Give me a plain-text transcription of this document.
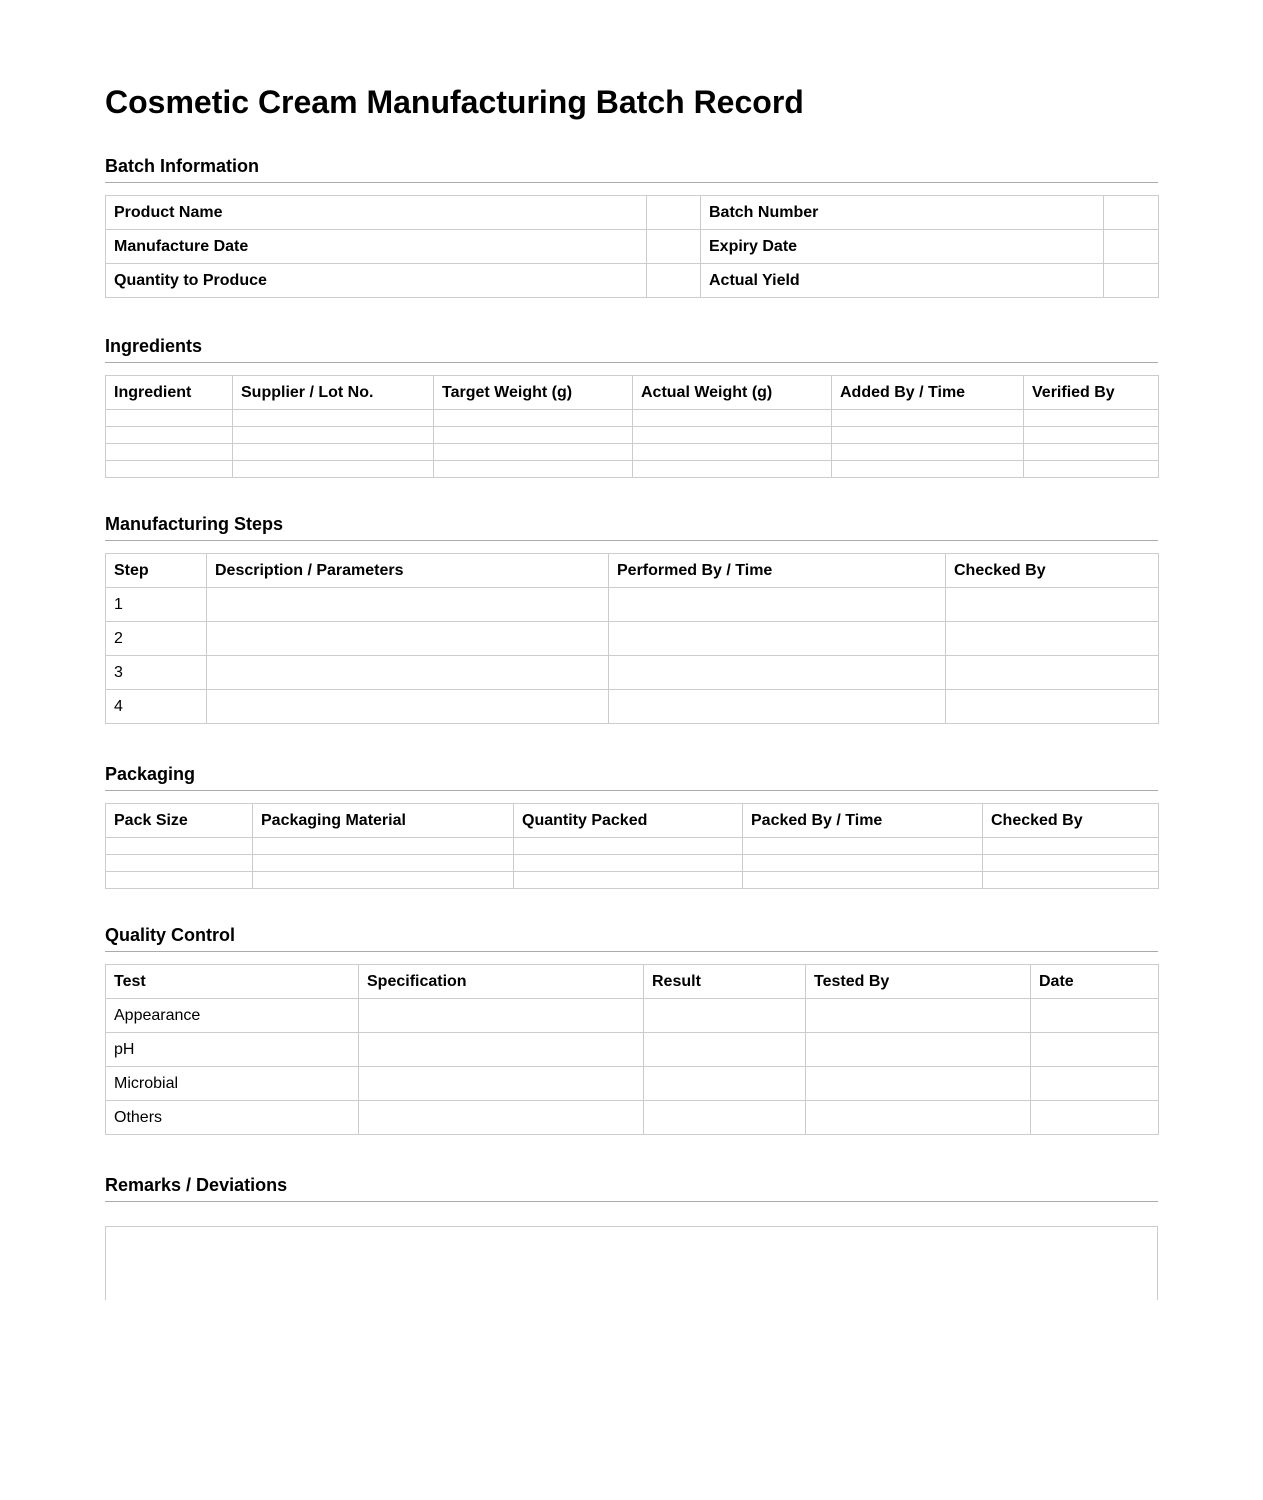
Cosmetic Cream Manufacturing Batch Record
Batch Information
Product Name		Batch Number	
Manufacture Date		Expiry Date	
Quantity to Produce		Actual Yield	
Ingredients
Ingredient	Supplier / Lot No.	Target Weight (g)	Actual Weight (g)	Added By / Time	Verified By

Manufacturing Steps
Step	Description / Parameters	Performed By / Time	Checked By
1			
2			
3			
4			
Packaging
Pack Size	Packaging Material	Quantity Packed	Packed By / Time	Checked By

Quality Control
Test	Specification	Result	Tested By	Date
Appearance				
pH				
Microbial				
Others				
Remarks / Deviations
